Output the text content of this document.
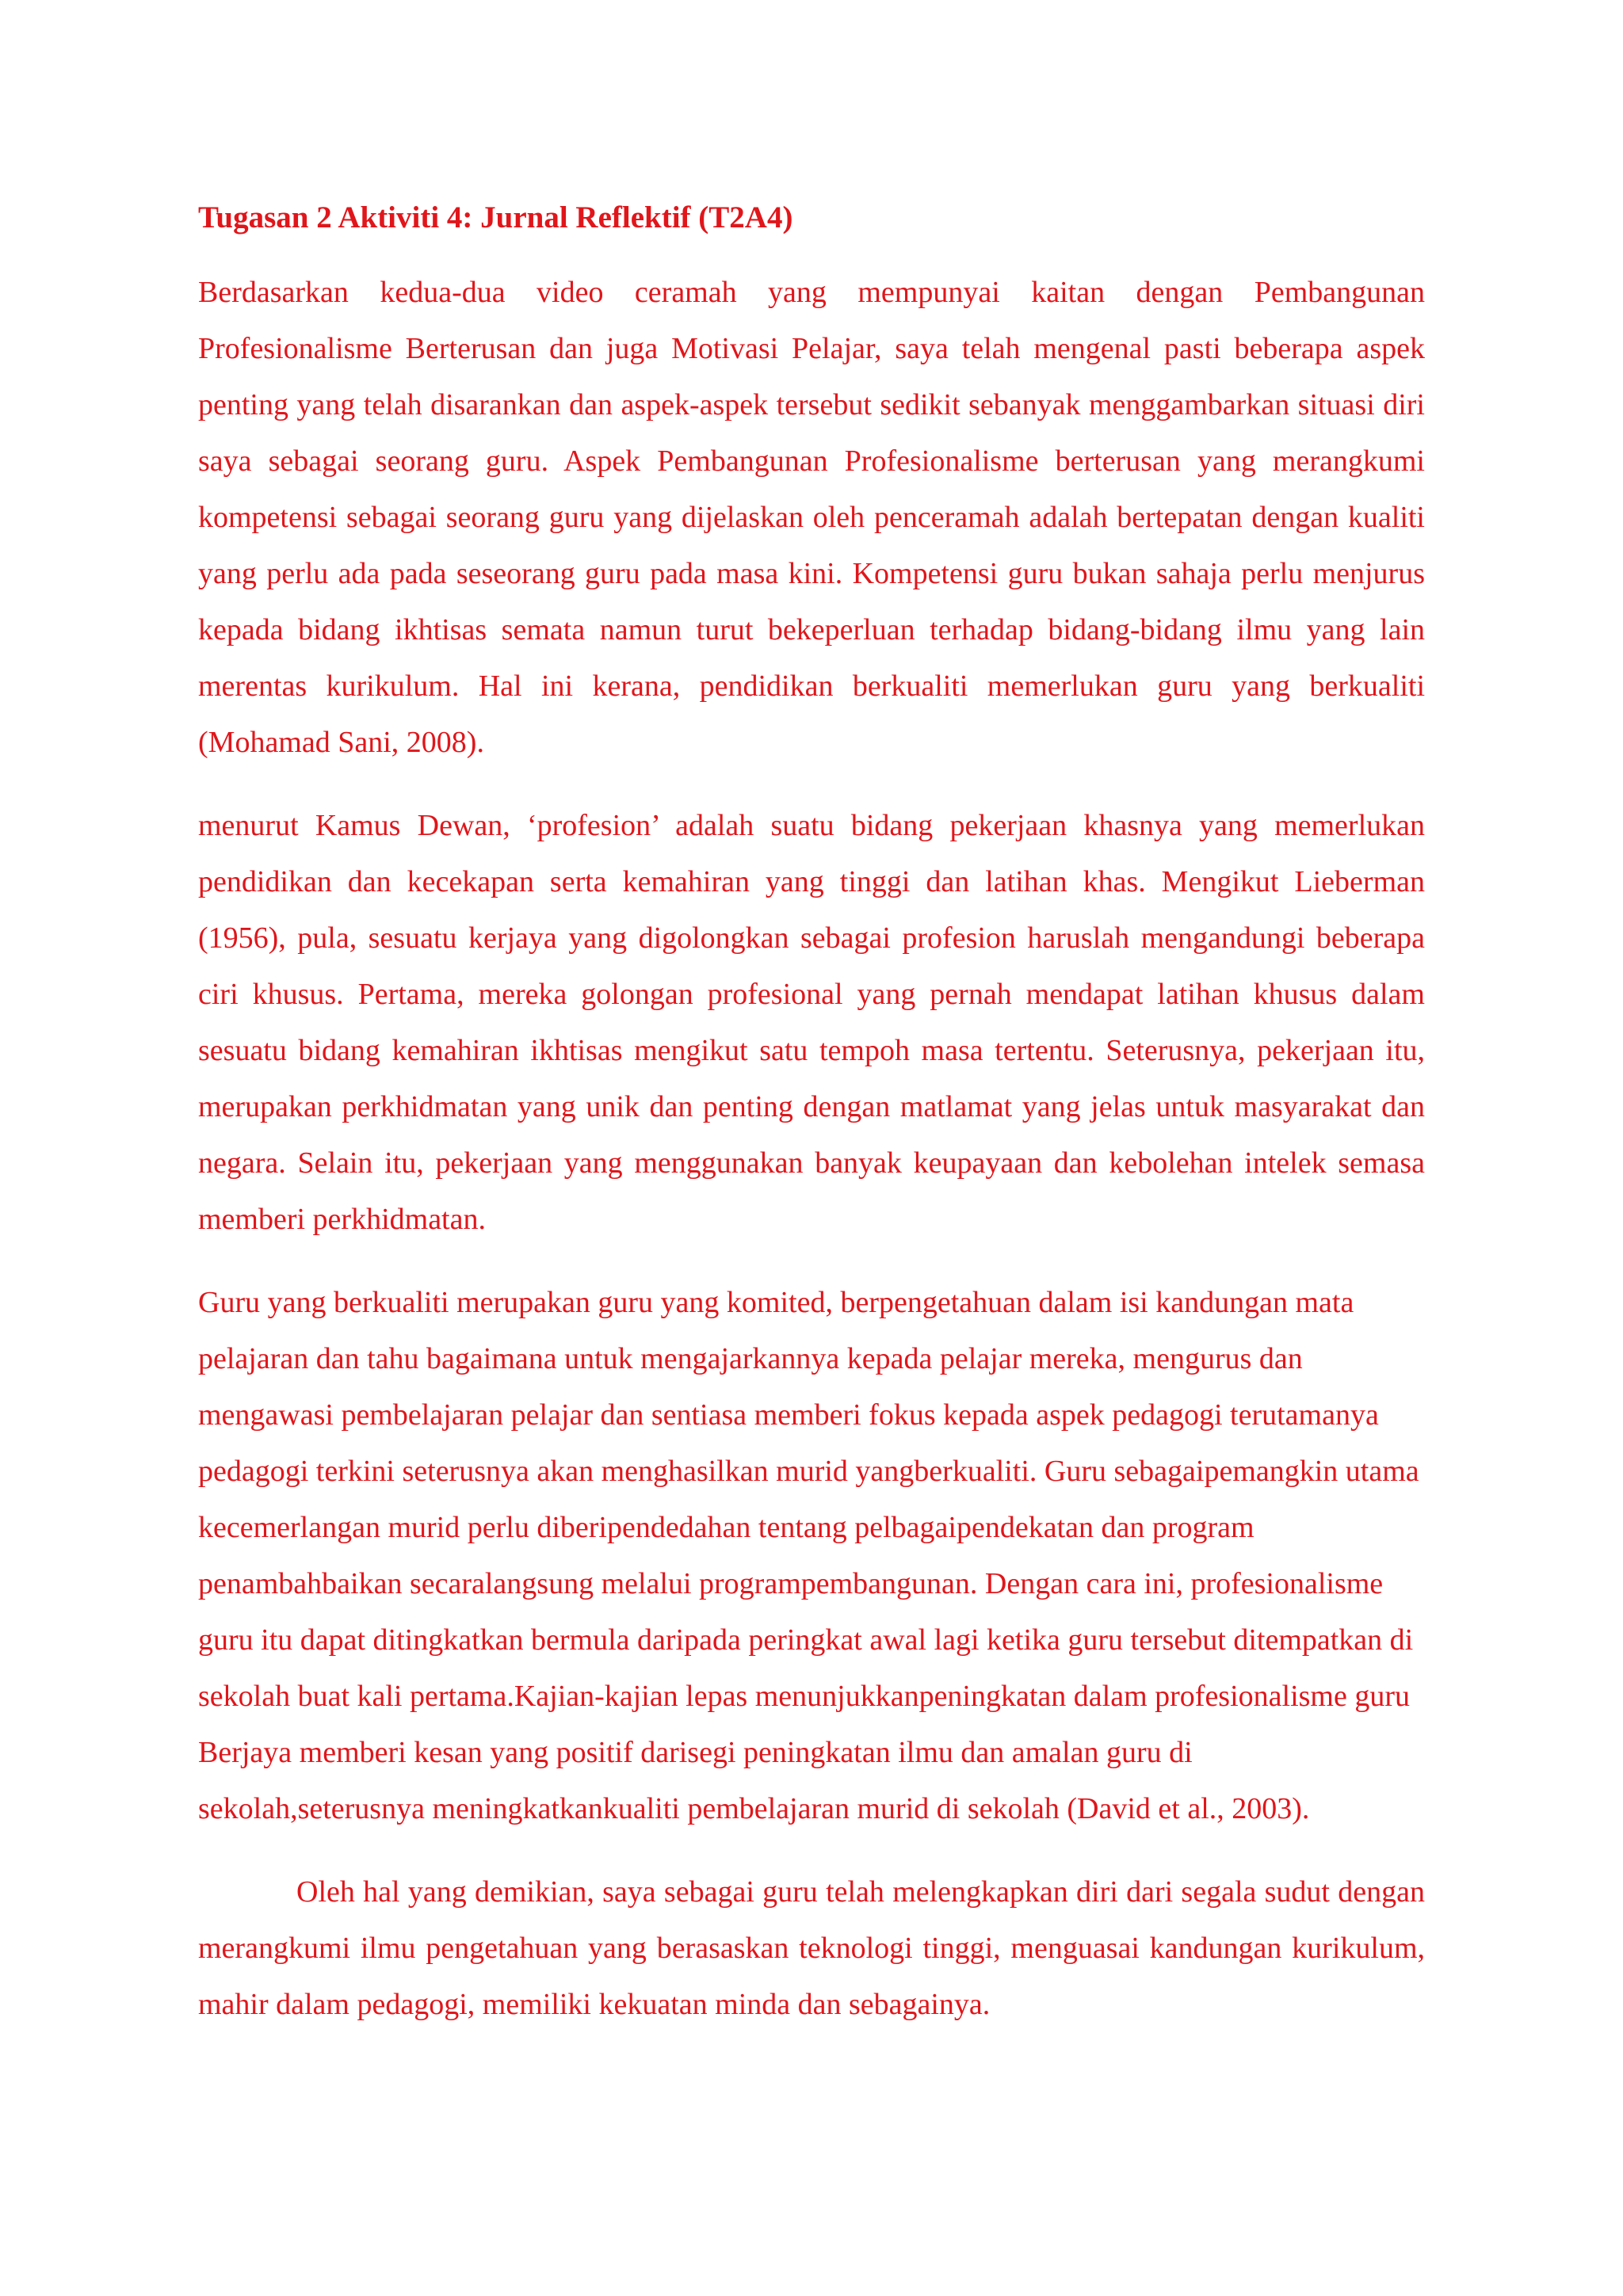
Tugasan 2 Aktiviti 4: Jurnal Reflektif (T2A4)

Berdasarkan kedua-dua video ceramah yang mempunyai kaitan dengan Pembangunan Profesionalisme Berterusan dan juga Motivasi Pelajar, saya telah mengenal pasti beberapa aspek penting yang telah disarankan dan aspek-aspek tersebut sedikit sebanyak menggambarkan situasi diri saya sebagai seorang guru. Aspek Pembangunan Profesionalisme berterusan yang merangkumi kompetensi sebagai seorang guru yang dijelaskan oleh penceramah adalah bertepatan dengan kualiti yang perlu ada pada seseorang guru pada masa kini. Kompetensi guru bukan sahaja perlu menjurus kepada bidang ikhtisas semata namun turut bekeperluan terhadap bidang-bidang ilmu yang lain merentas kurikulum. Hal ini kerana, pendidikan berkualiti memerlukan guru yang berkualiti (Mohamad Sani, 2008).

menurut Kamus Dewan, ‘profesion’ adalah suatu bidang pekerjaan khasnya yang memerlukan pendidikan dan kecekapan serta kemahiran yang tinggi dan latihan khas. Mengikut Lieberman (1956), pula, sesuatu kerjaya yang digolongkan sebagai profesion haruslah mengandungi beberapa ciri khusus. Pertama, mereka golongan profesional yang pernah mendapat latihan khusus dalam sesuatu bidang kemahiran ikhtisas mengikut satu tempoh masa tertentu. Seterusnya, pekerjaan itu, merupakan perkhidmatan yang unik dan penting dengan matlamat yang jelas untuk masyarakat dan negara. Selain itu, pekerjaan yang menggunakan banyak keupayaan dan kebolehan intelek semasa memberi perkhidmatan.

Guru yang berkualiti merupakan guru yang komited, berpengetahuan dalam isi kandungan mata pelajaran dan tahu bagaimana untuk mengajarkannya kepada pelajar mereka, mengurus dan mengawasi pembelajaran pelajar dan sentiasa memberi fokus kepada aspek pedagogi terutamanya pedagogi terkini seterusnya akan menghasilkan murid yangberkualiti. Guru sebagaipemangkin utama kecemerlangan murid perlu diberipendedahan tentang pelbagaipendekatan dan program penambahbaikan secaralangsung melalui programpembangunan. Dengan cara ini, profesionalisme guru itu dapat ditingkatkan bermula daripada peringkat awal lagi ketika guru tersebut ditempatkan di sekolah buat kali pertama.Kajian-kajian lepas menunjukkanpeningkatan dalam profesionalisme guru Berjaya memberi kesan yang positif darisegi peningkatan ilmu dan amalan guru di sekolah,seterusnya meningkatkankualiti pembelajaran murid di sekolah (David et al., 2003).

Oleh hal yang demikian, saya sebagai guru telah melengkapkan diri dari segala sudut dengan merangkumi ilmu pengetahuan yang berasaskan teknologi tinggi, menguasai kandungan kurikulum, mahir dalam pedagogi, memiliki kekuatan minda dan sebagainya.
